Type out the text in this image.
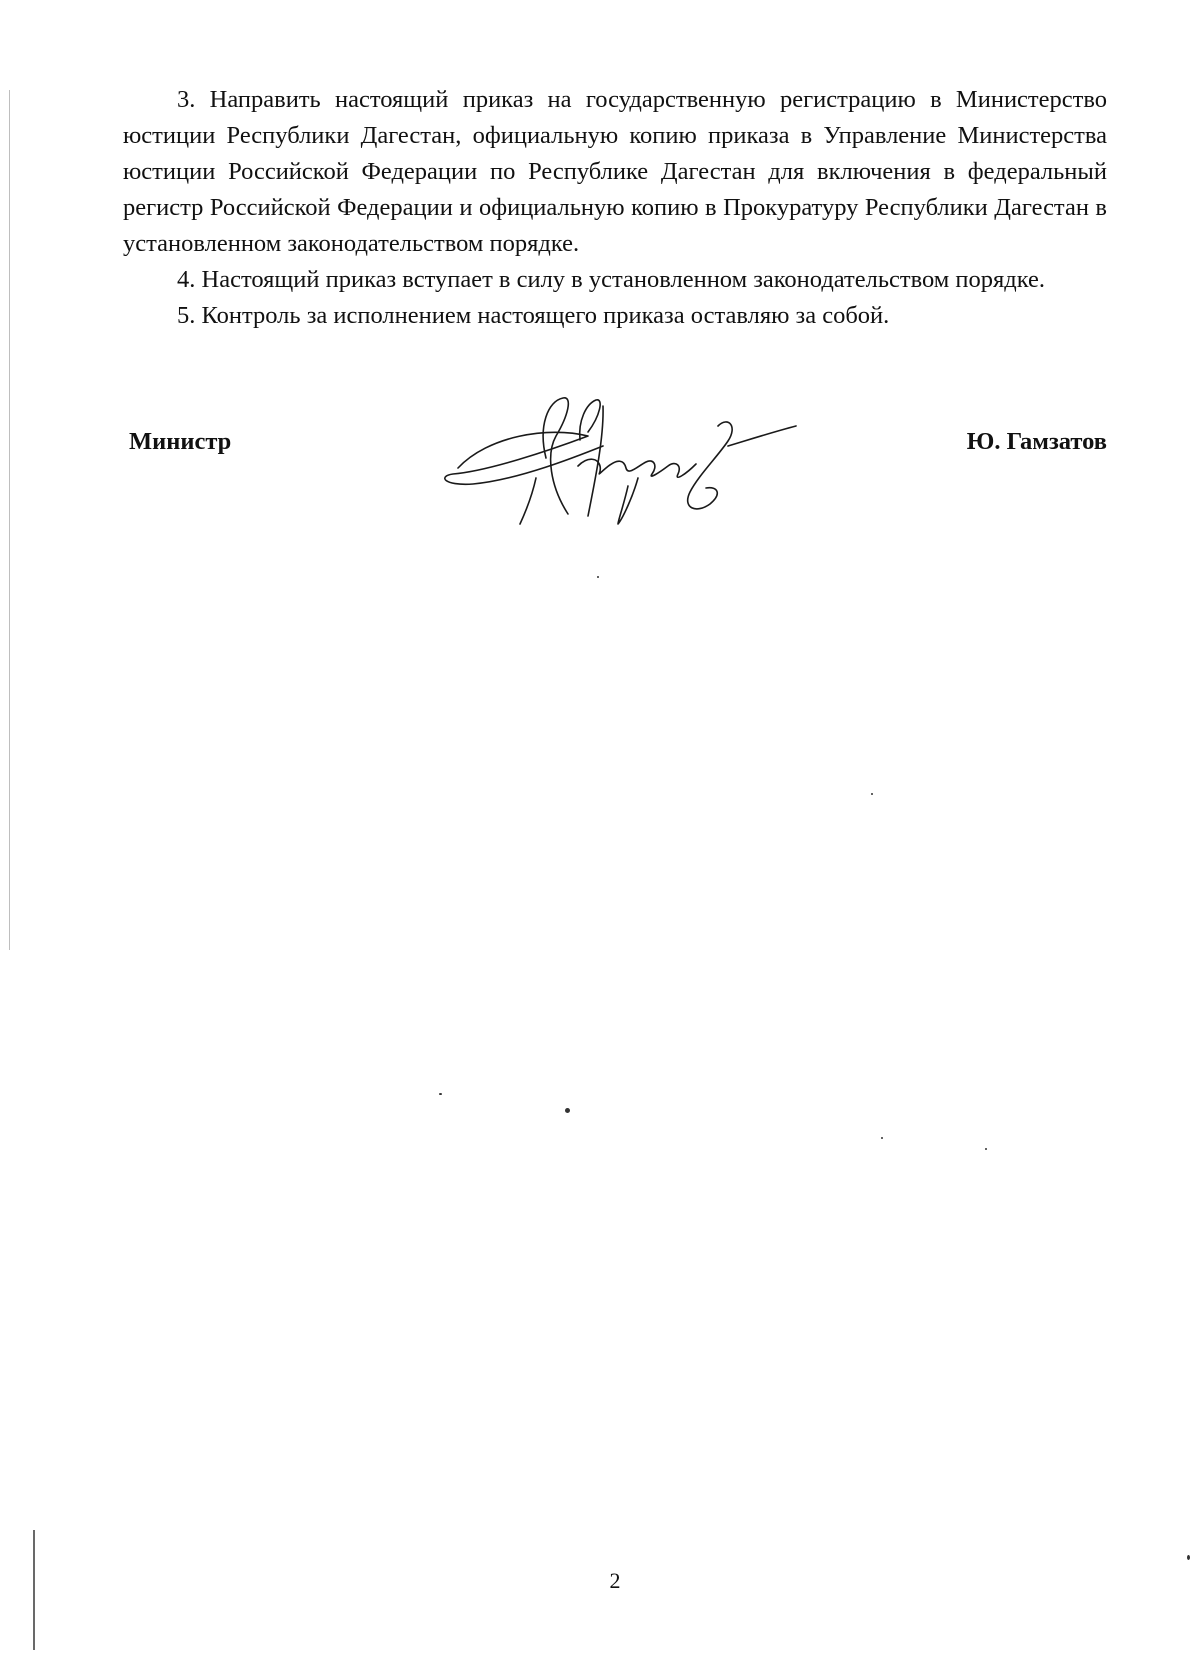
3. Направить настоящий приказ на государственную регистрацию в Министерство юстиции Республики Дагестан, официальную копию приказа в Управление Министерства юстиции Российской Федерации по Республике Дагестан для включения в федеральный регистр Российской Федерации и официальную копию в Прокуратуру Республики Дагестан в установленном законодательством порядке.

4. Настоящий приказ вступает в силу в установленном законодательством порядке.

5. Контроль за исполнением настоящего приказа оставляю за собой.

Министр	Ю. Гамзатов
2
